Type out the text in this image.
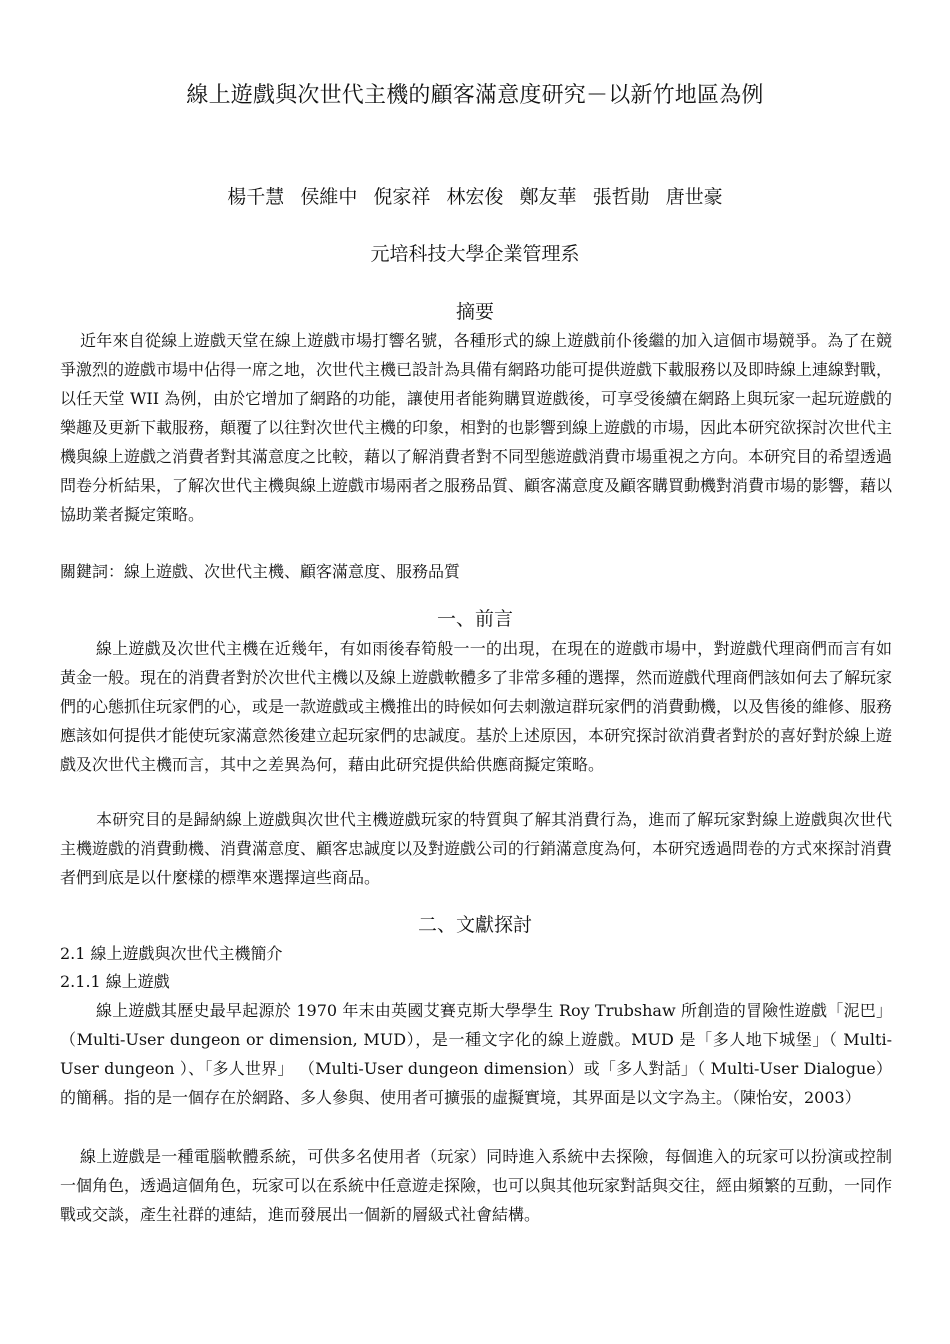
線上遊戲與次世代主機的顧客滿意度研究－以新竹地區為例
楊千慧 侯維中 倪家祥 林宏俊 鄭友華 張哲勛 唐世豪
元培科技大學企業管理系
摘要

近年來自從線上遊戲天堂在線上遊戲市場打響名號，各種形式的線上遊戲前仆後繼的加入這個市場競爭。為了在競爭激烈的遊戲市場中佔得一席之地，次世代主機已設計為具備有網路功能可提供遊戲下載服務以及即時線上連線對戰，以任天堂 WII 為例，由於它增加了網路的功能，讓使用者能夠購買遊戲後，可享受後續在網路上與玩家一起玩遊戲的樂趣及更新下載服務，顛覆了以往對次世代主機的印象，相對的也影響到線上遊戲的市場，因此本研究欲探討次世代主機與線上遊戲之消費者對其滿意度之比較，藉以了解消費者對不同型態遊戲消費市場重視之方向。本研究目的希望透過問卷分析結果，了解次世代主機與線上遊戲市場兩者之服務品質、顧客滿意度及顧客購買動機對消費市場的影響，藉以協助業者擬定策略。

關鍵詞：線上遊戲、次世代主機、顧客滿意度、服務品質

一、前言

線上遊戲及次世代主機在近幾年，有如雨後春筍般一一的出現，在現在的遊戲市場中，對遊戲代理商們而言有如黃金一般。現在的消費者對於次世代主機以及線上遊戲軟體多了非常多種的選擇，然而遊戲代理商們該如何去了解玩家們的心態抓住玩家們的心，或是一款遊戲或主機推出的時候如何去刺激這群玩家們的消費動機，以及售後的維修、服務應該如何提供才能使玩家滿意然後建立起玩家們的忠誠度。基於上述原因，本研究探討欲消費者對於的喜好對於線上遊戲及次世代主機而言，其中之差異為何，藉由此研究提供給供應商擬定策略。

本研究目的是歸納線上遊戲與次世代主機遊戲玩家的特質與了解其消費行為，進而了解玩家對線上遊戲與次世代主機遊戲的消費動機、消費滿意度、顧客忠誠度以及對遊戲公司的行銷滿意度為何，本研究透過問卷的方式來探討消費者們到底是以什麼樣的標準來選擇這些商品。

二、文獻探討

2.1 線上遊戲與次世代主機簡介

2.1.1 線上遊戲

線上遊戲其歷史最早起源於 1970 年末由英國艾賽克斯大學學生 Roy Trubshaw 所創造的冒險性遊戲「泥巴」（Multi-User dungeon or dimension, MUD），是一種文字化的線上遊戲。MUD 是「多人地下城堡」（ Multi-User dungeon ）、「多人世界」 （Multi-User dungeon dimension）或「多人對話」（ Multi-User Dialogue）的簡稱。指的是一個存在於網路、多人參與、使用者可擴張的虛擬實境，其界面是以文字為主。（陳怡安，2003）

線上遊戲是一種電腦軟體系統，可供多名使用者（玩家）同時進入系統中去探險，每個進入的玩家可以扮演或控制一個角色，透過這個角色，玩家可以在系統中任意遊走探險，也可以與其他玩家對話與交往，經由頻繁的互動，一同作戰或交談，產生社群的連結，進而發展出一個新的層級式社會結構。
